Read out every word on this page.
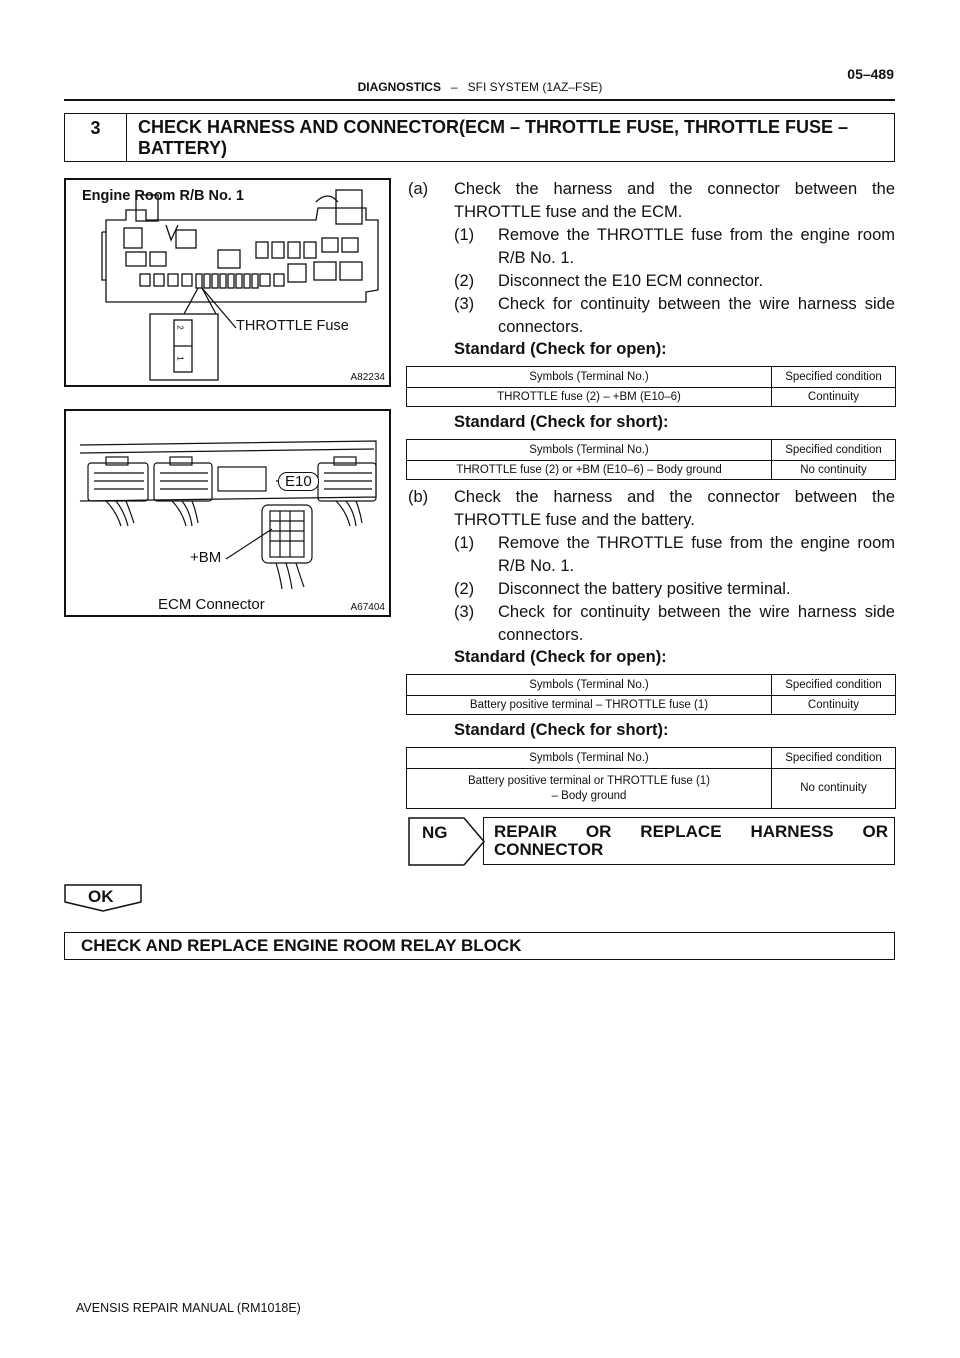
DIAGNOSTICS – SFI SYSTEM (1AZ–FSE)
05–489
3	CHECK HARNESS AND CONNECTOR(ECM – THROTTLE FUSE, THROTTLE FUSE – BATTERY)
Engine Room R/B No. 1
THROTTLE Fuse
2
1
A82234
E10
+BM
ECM Connector	A67404
(a) Check the harness and the connector between the
THROTTLE fuse and the ECM.
(1) Remove the THROTTLE fuse from the engine room
R/B No. 1.
(2) Disconnect the E10 ECM connector.
(3) Check for continuity between the wire harness side
connectors.
Standard (Check for open):
Symbols (Terminal No.)	Specified condition
THROTTLE fuse (2) – +BM (E10–6)	Continuity
Standard (Check for short):
Symbols (Terminal No.)	Specified condition
THROTTLE fuse (2) or +BM (E10–6) – Body ground	No continuity
(b) Check the harness and the connector between the
THROTTLE fuse and the battery.
(1) Remove the THROTTLE fuse from the engine room
R/B No. 1.
(2) Disconnect the battery positive terminal.
(3) Check for continuity between the wire harness side
connectors.
Standard (Check for open):
Symbols (Terminal No.)	Specified condition
Battery positive terminal – THROTTLE fuse (1)	Continuity
Standard (Check for short):
Symbols (Terminal No.)	Specified condition

Battery positive terminal or THROTTLE fuse (1)
– Body ground	No continuity
NG	REPAIR OR REPLACE HARNESS OR
CONNECTOR
OK
CHECK AND REPLACE ENGINE ROOM RELAY BLOCK
AVENSIS REPAIR MANUAL (RM1018E)
